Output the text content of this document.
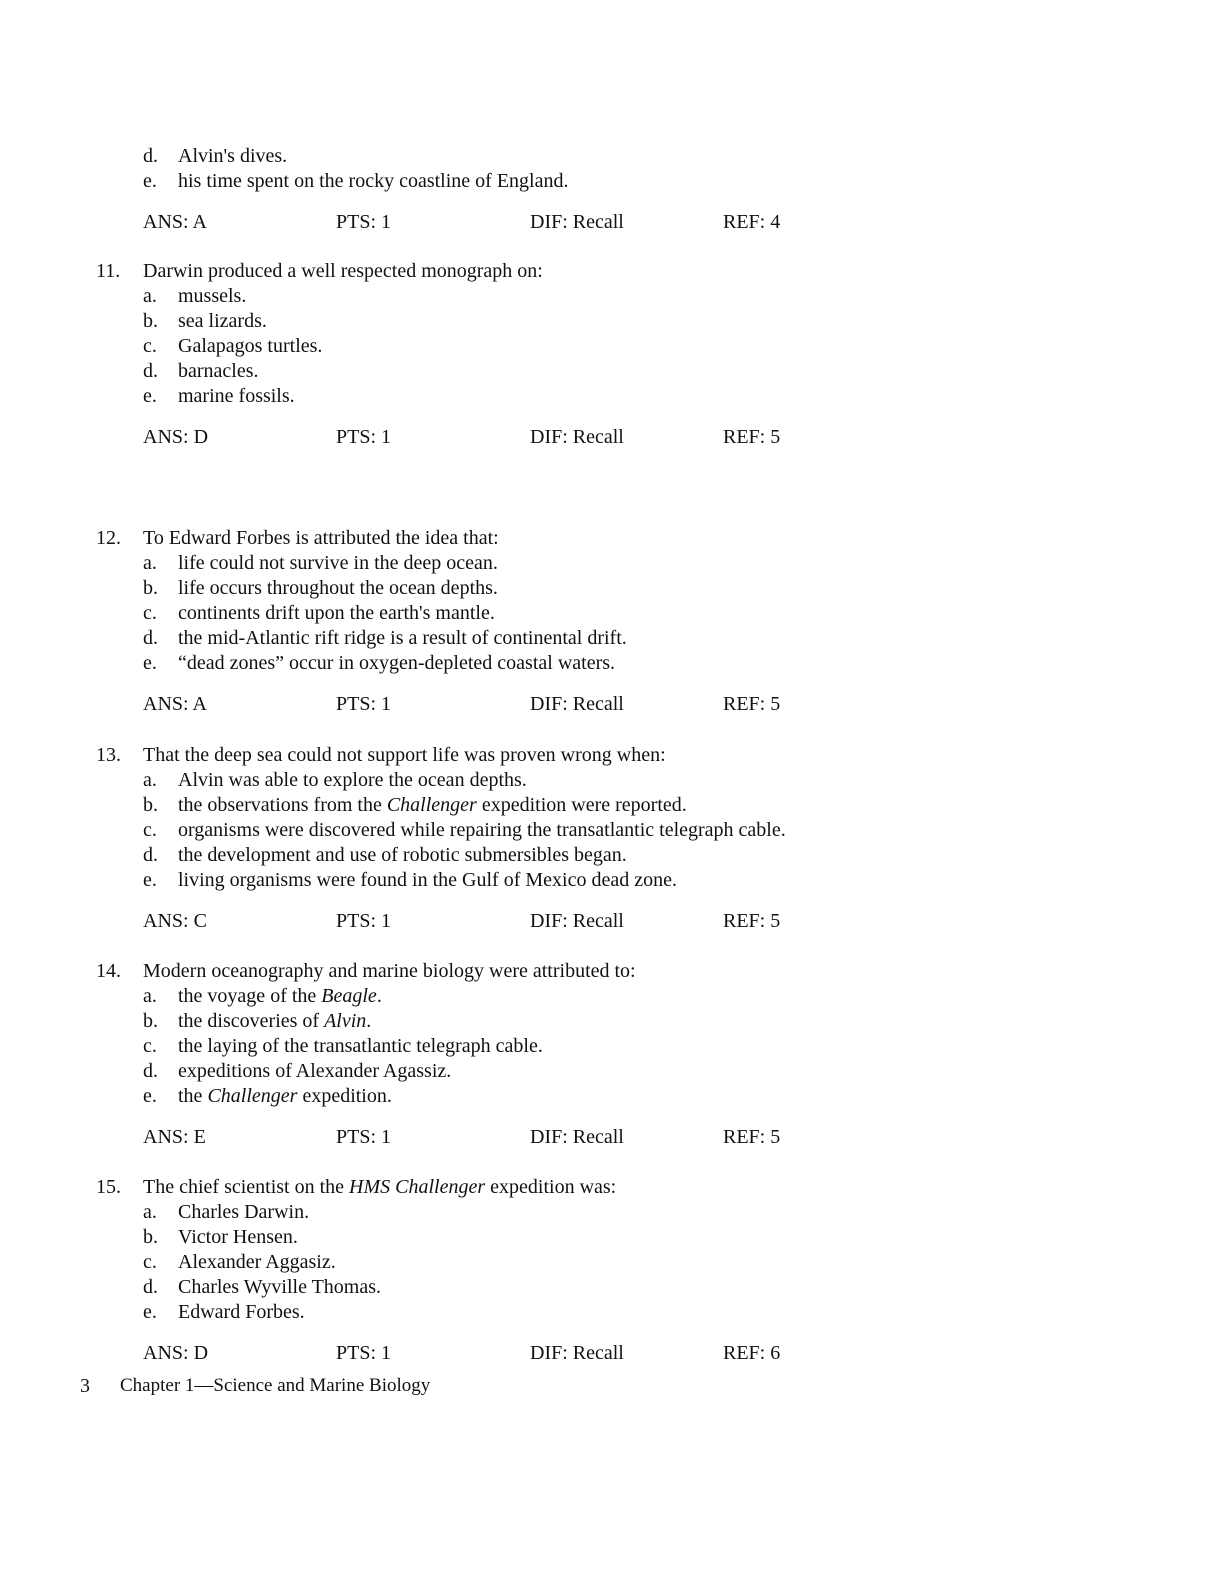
d. Alvin's dives.
e. his time spent on the rocky coastline of England.
ANS: A	PTS: 1	DIF: Recall	REF: 4
11. Darwin produced a well respected monograph on:
a. mussels.
b. sea lizards.
c. Galapagos turtles.
d. barnacles.
e. marine fossils.
ANS: D	PTS: 1	DIF: Recall	REF: 5
12. To Edward Forbes is attributed the idea that:
a. life could not survive in the deep ocean.
b. life occurs throughout the ocean depths.
c. continents drift upon the earth's mantle.
d. the mid-Atlantic rift ridge is a result of continental drift.
e. “dead zones” occur in oxygen-depleted coastal waters.
ANS: A	PTS: 1	DIF: Recall	REF: 5
13. That the deep sea could not support life was proven wrong when:
a. Alvin was able to explore the ocean depths.
b. the observations from the Challenger expedition were reported.
c. organisms were discovered while repairing the transatlantic telegraph cable.
d. the development and use of robotic submersibles began.
e. living organisms were found in the Gulf of Mexico dead zone.
ANS: C	PTS: 1	DIF: Recall	REF: 5
14. Modern oceanography and marine biology were attributed to:
a. the voyage of the Beagle.
b. the discoveries of Alvin.
c. the laying of the transatlantic telegraph cable.
d. expeditions of Alexander Agassiz.
e. the Challenger expedition.
ANS: E	PTS: 1	DIF: Recall	REF: 5
15. The chief scientist on the HMS Challenger expedition was:
a. Charles Darwin.
b. Victor Hensen.
c. Alexander Aggasiz.
d. Charles Wyville Thomas.
e. Edward Forbes.
ANS: D	PTS: 1	DIF: Recall	REF: 6
3 Chapter 1—Science and Marine Biology
